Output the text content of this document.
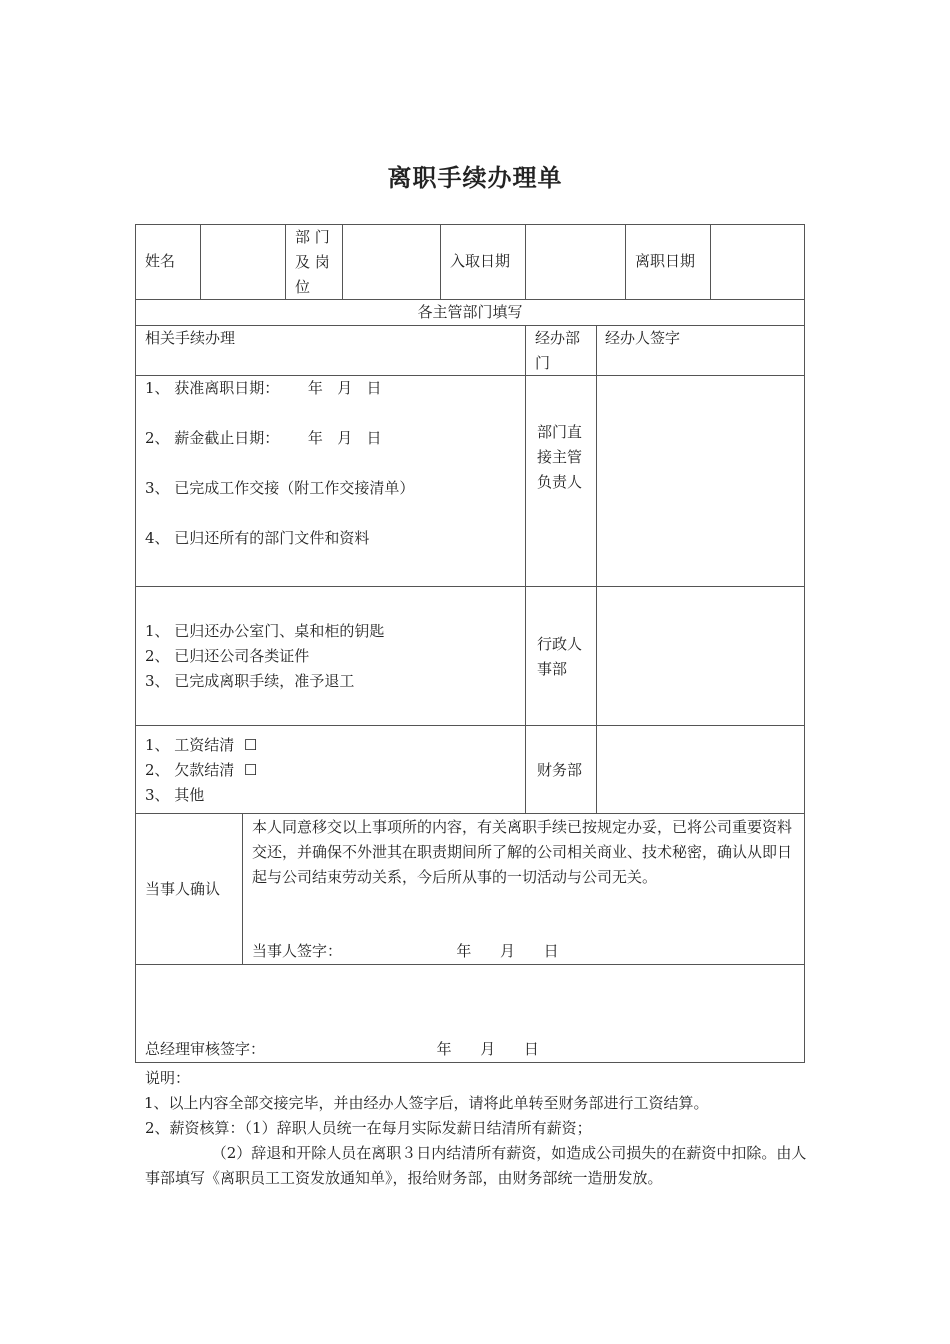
离职手续办理单
姓名
部 门
及 岗
位
入取日期	离职日期
各主管部门填写
相关手续办理	经办部
门
经办人签字
1、 获准离职日期：      年   月   日
2、 薪金截止日期：      年   月   日
3、 已完成工作交接（附工作交接清单）
4、 已归还所有的部门文件和资料
部门直
接主管
负责人
1、 已归还办公室门、桌和柜的钥匙
2、 已归还公司各类证件
3、 已完成离职手续，准予退工
行政人
事部
1、 工资结清  ☐
2、 欠款结清  ☐
3、 其他
财务部
当事人确认
本人同意移交以上事项所的内容，有关离职手续已按规定办妥，已将公司重要资料交还，并确保不外泄其在职责期间所了解的公司相关商业、技术秘密，确认从即日起与公司结束劳动关系，今后所从事的一切活动与公司无关。
当事人签字：                        年      月      日
总经理审核签字：                                    年      月      日
说明：
1、以上内容全部交接完毕，并由经办人签字后，请将此单转至财务部进行工资结算。
2、薪资核算：（1）辞职人员统一在每月实际发薪日结清所有薪资；
（2）辞退和开除人员在离职３日内结清所有薪资，如造成公司损失的在薪资中扣除。由人事部填写《离职员工工资发放通知单》，报给财务部，由财务部统一造册发放。
